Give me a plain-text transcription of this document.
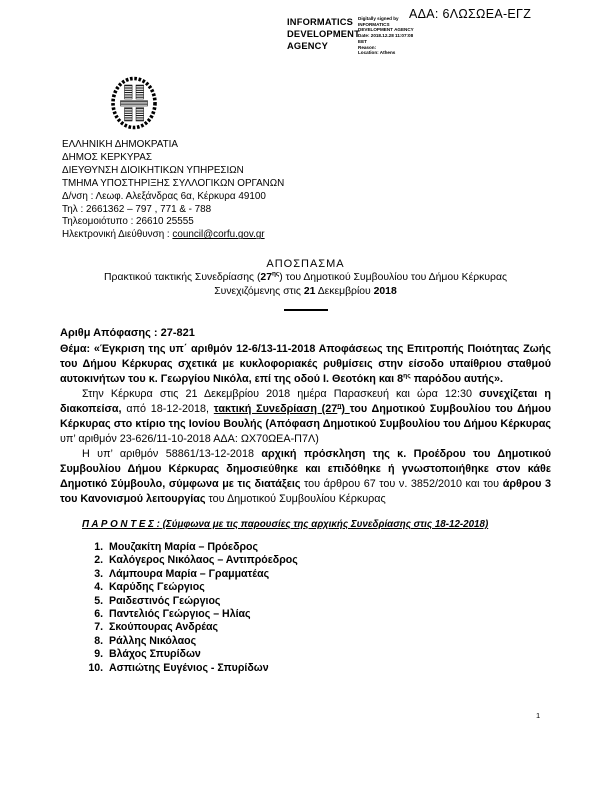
ΑΔΑ: 6ΛΩΣΩΕΑ-ΕΓΖ
INFORMATICS DEVELOPMENT AGENCY
Digitally signed by
INFORMATICS
DEVELOPMENT AGENCY
Date: 2018.12.28 11:07:08
EET
Reason:
Location: Athens
ΕΛΛΗΝΙΚΗ ΔΗΜΟΚΡΑΤΙΑ
ΔΗΜΟΣ ΚΕΡΚΥΡΑΣ
ΔΙΕΥΘΥΝΣΗ ΔΙΟΙΚΗΤΙΚΩΝ ΥΠΗΡΕΣΙΩΝ
ΤΜΗΜΑ ΥΠΟΣΤΗΡΙΞΗΣ ΣΥΛΛΟΓΙΚΩΝ ΟΡΓΑΝΩΝ
Δ/νση : Λεωφ. Αλεξάνδρας 6α, Κέρκυρα 49100
Τηλ : 2661362 – 797 , 771 & - 788
Τηλεομοιότυπο : 26610 25555
Ηλεκτρονική Διεύθυνση : council@corfu.gov.gr
ΑΠΟΣΠΑΣΜΑ
Πρακτικού τακτικής Συνεδρίασης $(27^{\eta\varsigma})$ του Δημοτικού Συμβουλίου του Δήμου Κέρκυρας
Συνεχιζόμενης στις 21 Δεκεμβρίου 2018
Αριθμ Απόφασης : 27-821

Θέμα: «Έγκριση της υπ΄ αριθμόν 12-6/13-11-2018 Αποφάσεως της Επιτροπής Ποιότητας Ζωής του Δήμου Κέρκυρας σχετικά με κυκλοφοριακές ρυθμίσεις στην είσοδο υπαίθριου σταθμού αυτοκινήτων του κ. Γεωργίου Νικόλα, επί της οδού Ι. Θεοτόκη και $8^{\eta\varsigma}$ παρόδου αυτής».

Στην Κέρκυρα στις 21 Δεκεμβρίου 2018 ημέρα Παρασκευή και ώρα 12:30 συνεχίζεται η διακοπείσα, από 18-12-2018, τακτική Συνεδρίαση $(27^\eta)$ του Δημοτικού Συμβουλίου του Δήμου Κέρκυρας στο κτίριο της Ιονίου Βουλής (Απόφαση Δημοτικού Συμβουλίου του Δήμου Κέρκυρας υπ’ αριθμόν 23-626/11-10-2018 ΑΔΑ: ΩΧ70ΩΕΑ-Π7Λ)

Η υπ’ αριθμόν 58861/13-12-2018 αρχική πρόσκληση της κ. Προέδρου του Δημοτικού Συμβουλίου Δήμου Κέρκυρας δημοσιεύθηκε και επιδόθηκε ή γνωστοποιήθηκε στον κάθε Δημοτικό Σύμβουλο, σύμφωνα με τις διατάξεις του άρθρου 67 του ν. 3852/2010 και του άρθρου 3 του Κανονισμού λειτουργίας του Δημοτικού Συμβουλίου Κέρκυρας

Π Α Ρ Ο Ν Τ Ε Σ : (Σύμφωνα με τις παρουσίες της αρχικής Συνεδρίασης στις 18-12-2018)
1. Μουζακίτη Μαρία – Πρόεδρος
2. Καλόγερος Νικόλαος – Αντιπρόεδρος
3. Λάμπουρα Μαρία – Γραμματέας
4. Καρύδης Γεώργιος
5. Ραιδεστινός Γεώργιος
6. Παντελιός Γεώργιος – Ηλίας
7. Σκούπουρας Ανδρέας
8. Ράλλης Νικόλαος
9. Βλάχος Σπυρίδων
10. Ασπιώτης Ευγένιος - Σπυρίδων
1
